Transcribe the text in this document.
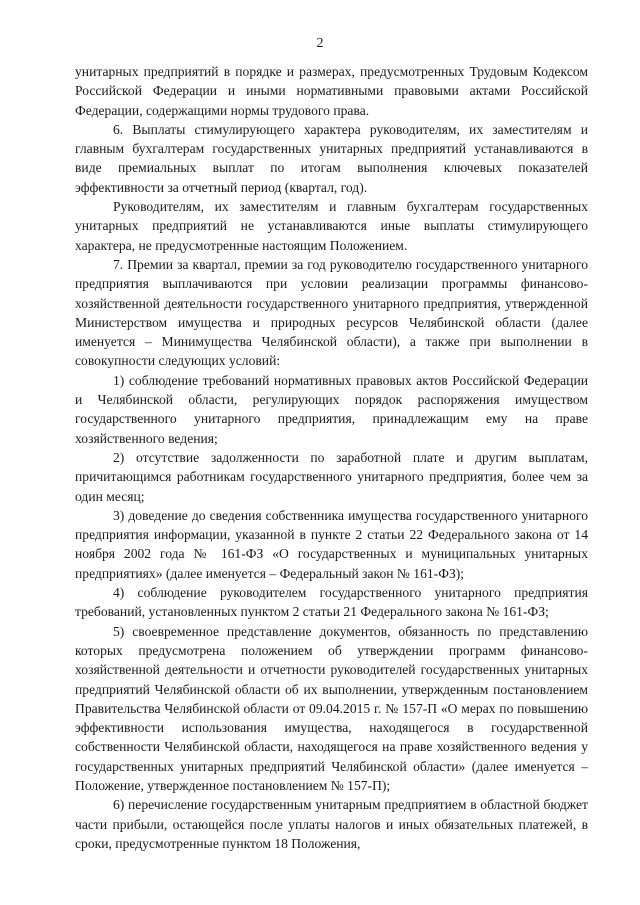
2

унитарных предприятий в порядке и размерах, предусмотренных Трудовым Кодексом Российской Федерации и иными нормативными правовыми актами Российской Федерации, содержащими нормы трудового права.

6. Выплаты стимулирующего характера руководителям, их заместителям и главным бухгалтерам государственных унитарных предприятий устанавливаются в виде премиальных выплат по итогам выполнения ключевых показателей эффективности за отчетный период (квартал, год).

Руководителям, их заместителям и главным бухгалтерам государственных унитарных предприятий не устанавливаются иные выплаты стимулирующего характера, не предусмотренные настоящим Положением.

7. Премии за квартал, премии за год руководителю государственного унитарного предприятия выплачиваются при условии реализации программы финансово-хозяйственной деятельности государственного унитарного предприятия, утвержденной Министерством имущества и природных ресурсов Челябинской области (далее именуется – Минимущества Челябинской области), а также при выполнении в совокупности следующих условий:

1) соблюдение требований нормативных правовых актов Российской Федерации и Челябинской области, регулирующих порядок распоряжения имуществом государственного унитарного предприятия, принадлежащим ему на праве хозяйственного ведения;

2) отсутствие задолженности по заработной плате и другим выплатам, причитающимся работникам государственного унитарного предприятия, более чем за один месяц;

3) доведение до сведения собственника имущества государственного унитарного предприятия информации, указанной в пункте 2 статьи 22 Федерального закона от 14 ноября 2002 года № 161-ФЗ «О государственных и муниципальных унитарных предприятиях» (далее именуется – Федеральный закон № 161-ФЗ);

4) соблюдение руководителем государственного унитарного предприятия требований, установленных пунктом 2 статьи 21 Федерального закона № 161-ФЗ;

5) своевременное представление документов, обязанность по представлению которых предусмотрена положением об утверждении программ финансово-хозяйственной деятельности и отчетности руководителей государственных унитарных предприятий Челябинской области об их выполнении, утвержденным постановлением Правительства Челябинской области от 09.04.2015 г. № 157-П «О мерах по повышению эффективности использования имущества, находящегося в государственной собственности Челябинской области, находящегося на праве хозяйственного ведения у государственных унитарных предприятий Челябинской области» (далее именуется – Положение, утвержденное постановлением № 157-П);

6) перечисление государственным унитарным предприятием в областной бюджет части прибыли, остающейся после уплаты налогов и иных обязательных платежей, в сроки, предусмотренные пунктом 18 Положения,
